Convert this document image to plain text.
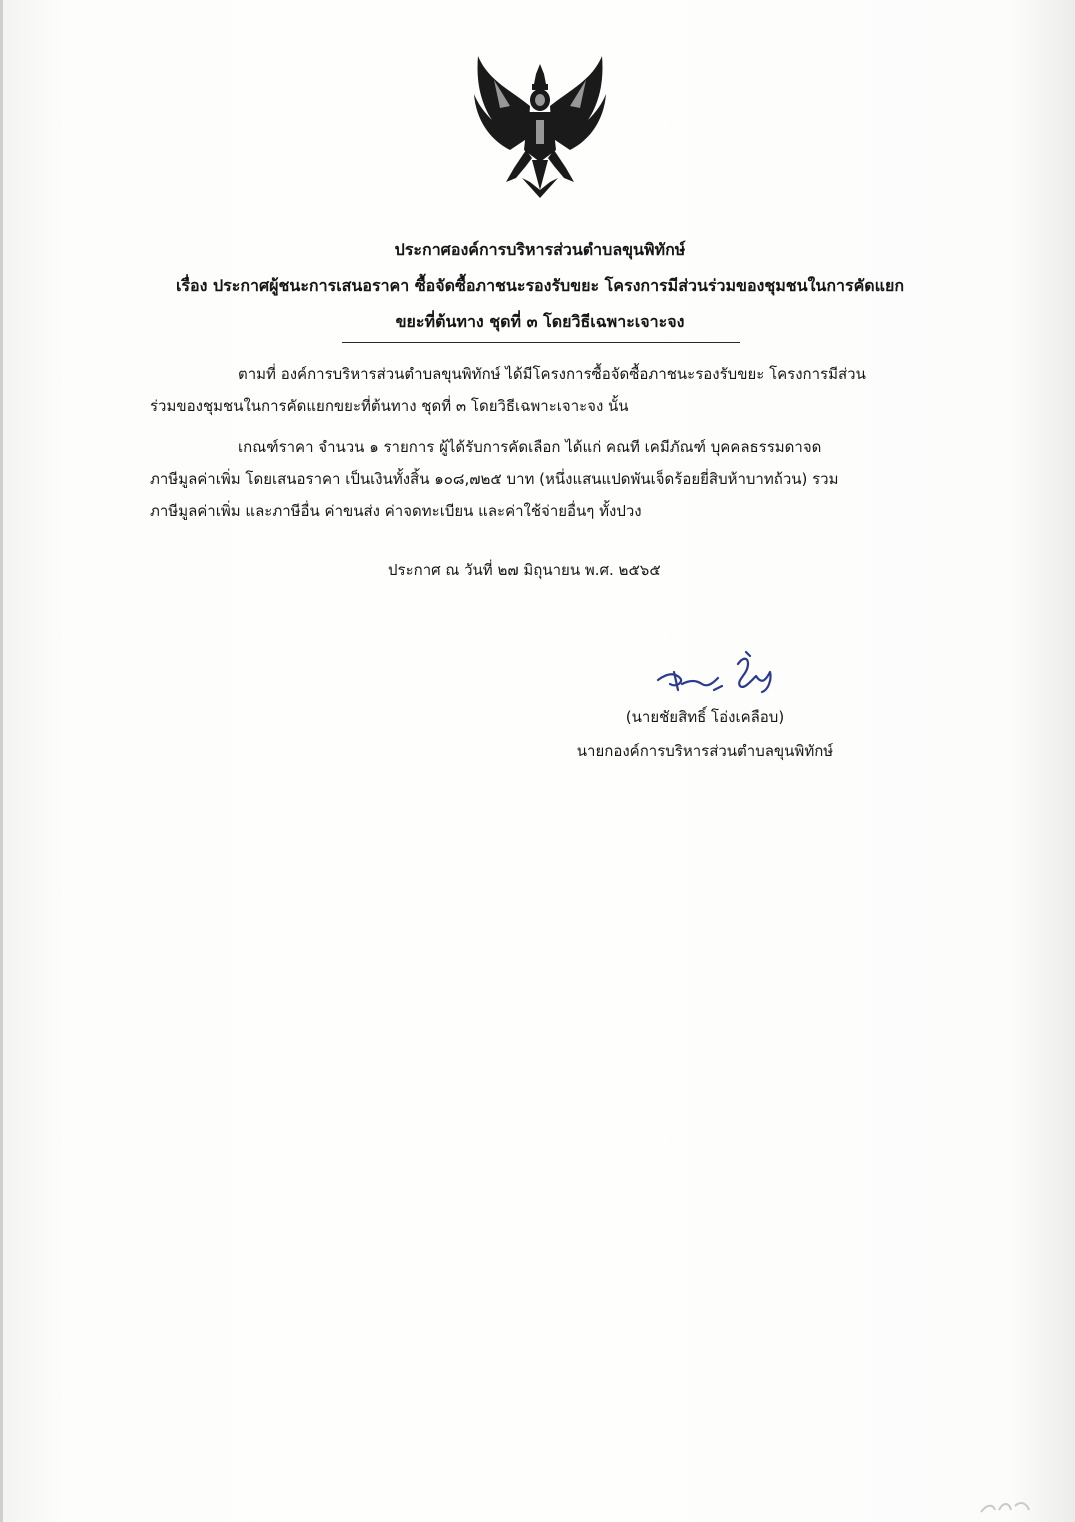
ประกาศองค์การบริหารส่วนตำบลขุนพิทักษ์
เรื่อง ประกาศผู้ชนะการเสนอราคา ซื้อจัดซื้อภาชนะรองรับขยะ โครงการมีส่วนร่วมของชุมชนในการคัดแยก
ขยะที่ต้นทาง ชุดที่ ๓ โดยวิธีเฉพาะเจาะจง
ตามที่ องค์การบริหารส่วนตำบลขุนพิทักษ์ ได้มีโครงการซื้อจัดซื้อภาชนะรองรับขยะ โครงการมีส่วน
ร่วมของชุมชนในการคัดแยกขยะที่ต้นทาง ชุดที่ ๓ โดยวิธีเฉพาะเจาะจง นั้น
เกณฑ์ราคา จำนวน ๑ รายการ ผู้ได้รับการคัดเลือก ได้แก่ คณที เคมีภัณฑ์ บุคคลธรรมดาจด
ภาษีมูลค่าเพิ่ม โดยเสนอราคา เป็นเงินทั้งสิ้น ๑๐๘,๗๒๕ บาท (หนึ่งแสนแปดพันเจ็ดร้อยยี่สิบห้าบาทถ้วน) รวม
ภาษีมูลค่าเพิ่ม และภาษีอื่น ค่าขนส่ง ค่าจดทะเบียน และค่าใช้จ่ายอื่นๆ ทั้งปวง
ประกาศ ณ วันที่ ๒๗ มิถุนายน พ.ศ. ๒๕๖๕
(นายชัยสิทธิ์ โอ่งเคลือบ)
นายกองค์การบริหารส่วนตำบลขุนพิทักษ์
